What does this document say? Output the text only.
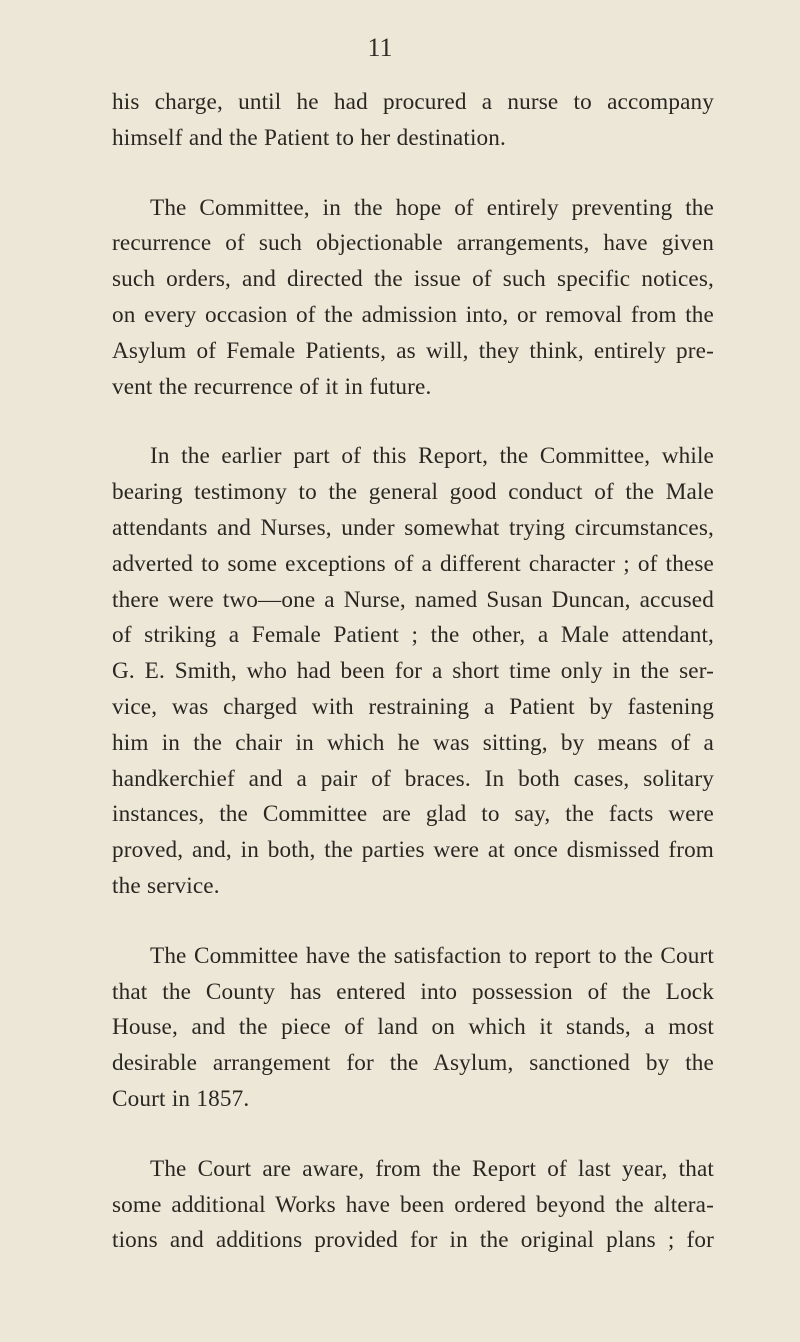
11

his charge, until he had procured a nurse to accompany
himself and the Patient to her destination.

The Committee, in the hope of entirely preventing the
recurrence of such objectionable arrangements, have given
such orders, and directed the issue of such specific notices,
on every occasion of the admission into, or removal from the
Asylum of Female Patients, as will, they think, entirely pre-
vent the recurrence of it in future.

In the earlier part of this Report, the Committee, while
bearing testimony to the general good conduct of the Male
attendants and Nurses, under somewhat trying circumstances,
adverted to some exceptions of a different character ; of these
there were two—one a Nurse, named Susan Duncan, accused
of striking a Female Patient ; the other, a Male attendant,
G. E. Smith, who had been for a short time only in the ser-
vice, was charged with restraining a Patient by fastening
him in the chair in which he was sitting, by means of a
handkerchief and a pair of braces. In both cases, solitary
instances, the Committee are glad to say, the facts were
proved, and, in both, the parties were at once dismissed from
the service.

The Committee have the satisfaction to report to the Court
that the County has entered into possession of the Lock
House, and the piece of land on which it stands, a most
desirable arrangement for the Asylum, sanctioned by the
Court in 1857.

The Court are aware, from the Report of last year, that
some additional Works have been ordered beyond the altera-
tions and additions provided for in the original plans ; for
